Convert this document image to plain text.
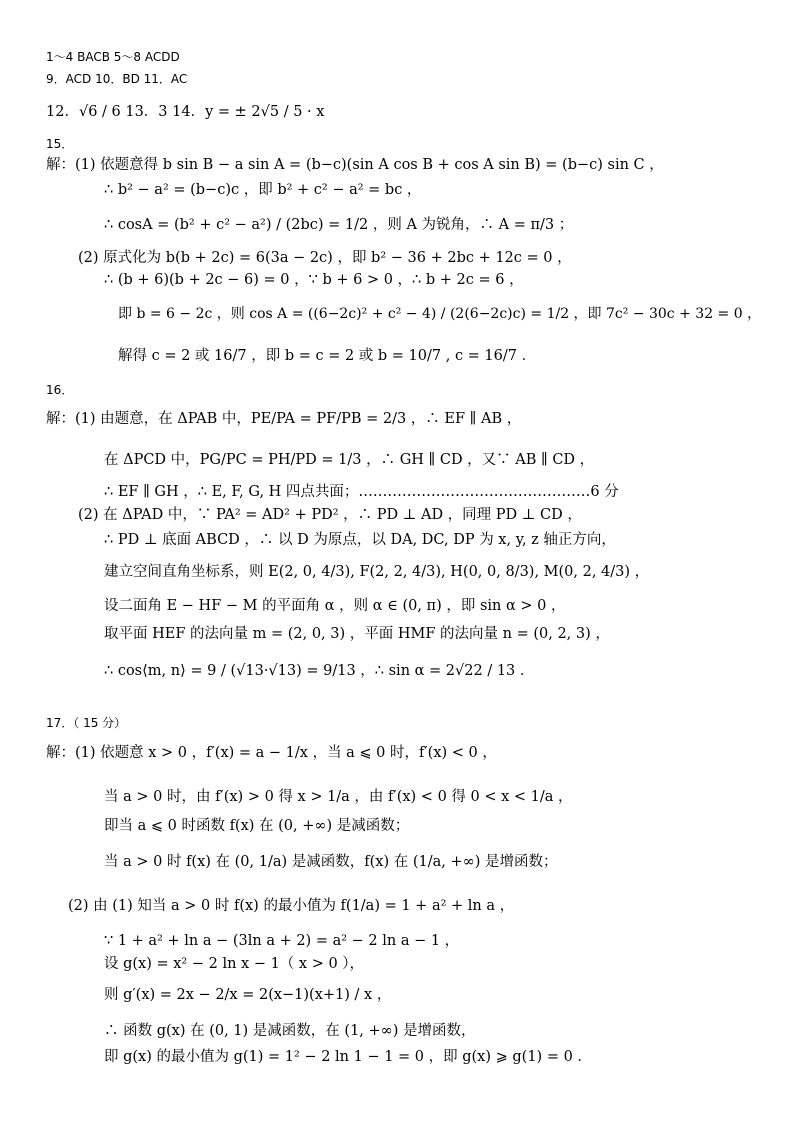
1～4 BACB 5～8 ACDD
9．ACD 10．BD 11．AC
12．√6 / 6 13．3 14．y = ± 2√5 / 5 · x
15．
解：(1) 依题意得 b sin B − a sin A = (b−c)(sin A cos B + cos A sin B) = (b−c) sin C ，
∴ b² − a² = (b−c)c ，即 b² + c² − a² = bc ，
∴ cosA = (b² + c² − a²) / (2bc) = 1/2 ，则 A 为锐角，∴ A = π/3 ；
(2) 原式化为 b(b + 2c) = 6(3a − 2c) ，即 b² − 36 + 2bc + 12c = 0 ，
∴ (b + 6)(b + 2c − 6) = 0 ，∵ b + 6 > 0 ，∴ b + 2c = 6 ，
即 b = 6 − 2c ，则 cos A = ((6−2c)² + c² − 4) / (2(6−2c)c) = 1/2 ，即 7c² − 30c + 32 = 0 ，
解得 c = 2 或 16/7 ，即 b = c = 2 或 b = 10/7 , c = 16/7 ．
16．
解：(1) 由题意，在 ΔPAB 中，PE/PA = PF/PB = 2/3 ，∴ EF ∥ AB ，
在 ΔPCD 中，PG/PC = PH/PD = 1/3 ，∴ GH ∥ CD ，又∵ AB ∥ CD ，
∴ EF ∥ GH ，∴ E, F, G, H 四点共面；…………………………………………6 分
(2) 在 ΔPAD 中，∵ PA² = AD² + PD² ，∴ PD ⊥ AD ，同理 PD ⊥ CD ，
∴ PD ⊥ 底面 ABCD ，∴ 以 D 为原点，以 DA, DC, DP 为 x, y, z 轴正方向，
建立空间直角坐标系，则 E(2, 0, 4/3), F(2, 2, 4/3), H(0, 0, 8/3), M(0, 2, 4/3) ，
设二面角 E − HF − M 的平面角 α ，则 α ∈ (0, π) ，即 sin α > 0 ，
取平面 HEF 的法向量 m = (2, 0, 3) ，平面 HMF 的法向量 n = (0, 2, 3) ，
∴ cos⟨m, n⟩ = 9 / (√13·√13) = 9/13 ，∴ sin α = 2√22 / 13 ．
17．（ 15 分）
解：(1) 依题意 x > 0 ，f′(x) = a − 1/x ，当 a ⩽ 0 时，f′(x) < 0 ，
当 a > 0 时，由 f′(x) > 0 得 x > 1/a ，由 f′(x) < 0 得 0 < x < 1/a ，
即当 a ⩽ 0 时函数 f(x) 在 (0, +∞) 是减函数；
当 a > 0 时 f(x) 在 (0, 1/a) 是减函数，f(x) 在 (1/a, +∞) 是增函数；
(2) 由 (1) 知当 a > 0 时 f(x) 的最小值为 f(1/a) = 1 + a² + ln a ，
∵ 1 + a² + ln a − (3ln a + 2) = a² − 2 ln a − 1 ，
设 g(x) = x² − 2 ln x − 1（ x > 0 ），
则 g′(x) = 2x − 2/x = 2(x−1)(x+1) / x ，
∴ 函数 g(x) 在 (0, 1) 是减函数，在 (1, +∞) 是增函数，
即 g(x) 的最小值为 g(1) = 1² − 2 ln 1 − 1 = 0 ，即 g(x) ⩾ g(1) = 0 ．
